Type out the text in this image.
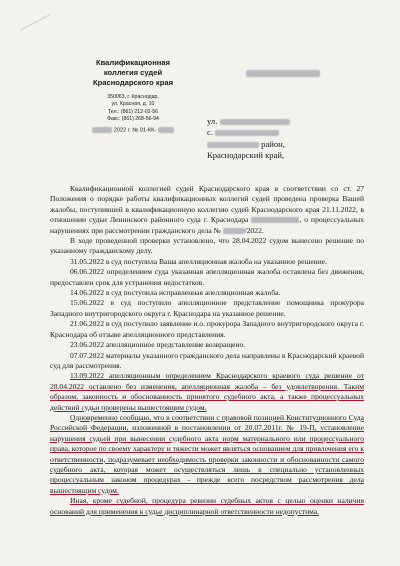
Квалификационная
коллегия судей
Краснодарского края
350063, г. Краснодар,
ул. Красная, д. 10
Тел.: (861) 212-02-56
Факс: (861) 268-56-94
2022 г. № 01-КК-
ул.
с.
район,
Краснодарский край,

Квалификационной коллегией судей Краснодарского края в соответствии со ст. 27 Положения о порядке работы квалификационных коллегий судей проведена проверка Вашей жалобы, поступившей в квалификационную коллегию судей Краснодарского края 21.11.2022, в отношении судьи Ленинского районного суда г. Краснодара	, о процессуальных нарушениях при рассмотрении гражданского дела №	/2022.

В ходе проведенной проверки установлено, что 28.04.2022 судом вынесено решение по указанному гражданскому делу.

31.05.2022 в суд поступила Ваша апелляционная жалоба на указанное решение.

06.06.2022 определением суда указанная апелляционная жалоба оставлена без движения, предоставлен срок для устранения недостатков.

14.06.2022 в суд поступила исправленная апелляционная жалоба.

15.06.2022 в суд поступило апелляционное представление помощника прокурора Западного внутригородского округа г. Краснодара на указанное решение.

21.06.2022 в суд поступило заявление и.о. прокурора Западного внутригородского округа г. Краснодара об отзыве апелляционного представления.

23.06.2022 апелляционное представление возвращено.

07.07.2022 материалы указанного гражданского дела направлены в Краснодарский краевой суд для рассмотрения.

13.09.2022 апелляционным определением Краснодарского краевого суда решение от 28.04.2022 оставлено без изменения, апелляционная жалоба – без удовлетворения. Таким образом, законность и обоснованность принятого судебного акта, а также процессуальных действий судьи проверены вышестоящим судом.

Одновременно сообщаю, что в соответствии с правовой позицией Конституционного Суда Российской Федерации, изложенной в постановлении от 20.07.2011г. № 19-П, установление нарушения судьей при вынесении судебного акта норм материального или процессуального права, которое по своему характеру и тяжести может являться основанием для привлечения его к ответственности, подразумевает необходимость проверки законности и обоснованности самого судебного акта, которая может осуществляться лишь в специально установленных процессуальным законом процедурах - прежде всего посредством рассмотрения дела вышестоящим судом.

Иная, кроме судебной, процедура ревизии судебных актов с целью оценки наличия оснований для применения к судье дисциплинарной ответственности недопустима.
